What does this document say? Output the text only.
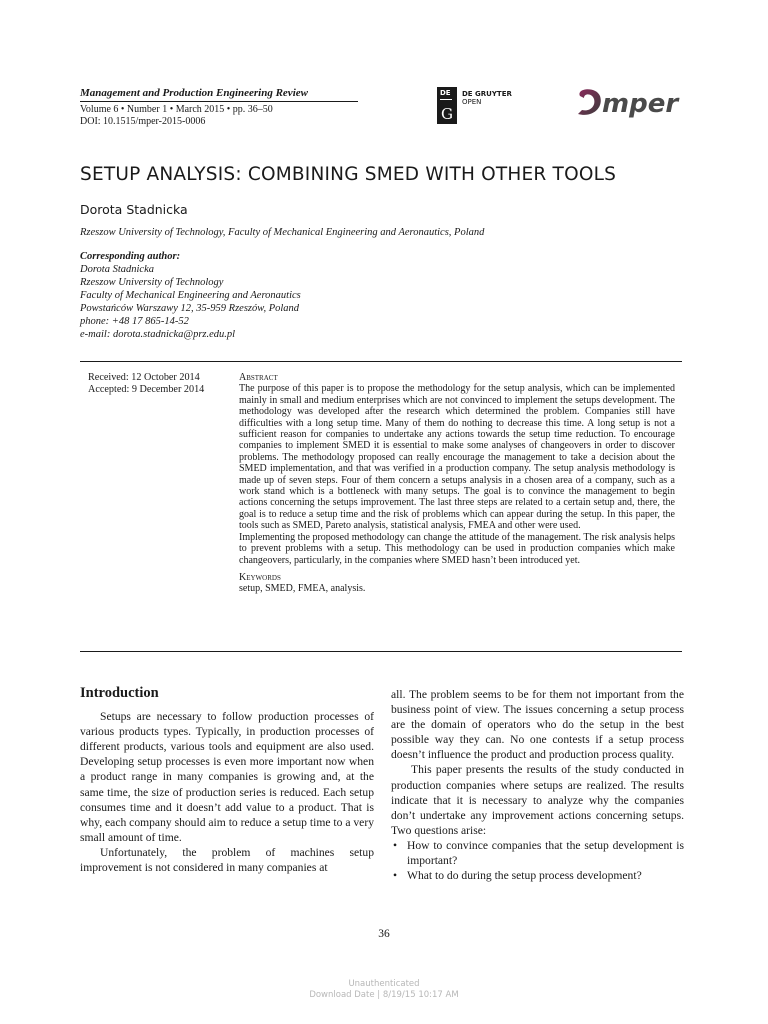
Management and Production Engineering Review
Volume 6 • Number 1 • March 2015 • pp. 36–50
DOI: 10.1515/mper-2015-0006
DE
G
DE GRUYTER
OPEN	mper
SETUP ANALYSIS: COMBINING SMED WITH OTHER TOOLS
Dorota Stadnicka
Rzeszow University of Technology, Faculty of Mechanical Engineering and Aeronautics, Poland
Corresponding author:
Dorota Stadnicka
Rzeszow University of Technology
Faculty of Mechanical Engineering and Aeronautics
Powstańców Warszawy 12, 35-959 Rzeszów, Poland
phone: +48 17 865-14-52
e-mail: dorota.stadnicka@prz.edu.pl
Received: 12 October 2014
Accepted: 9 December 2014
Abstract
The purpose of this paper is to propose the methodology for the setup analysis, which can be implemented mainly in small and medium enterprises which are not convinced to implement the setups development. The methodology was developed after the research which determined the problem. Companies still have difficulties with a long setup time. Many of them do nothing to decrease this time. A long setup is not a sufficient reason for companies to undertake any actions towards the setup time reduction. To encourage companies to implement SMED it is essential to make some analyses of changeovers in order to discover problems. The methodology proposed can really encourage the management to take a decision about the SMED implementation, and that was verified in a production company. The setup analysis methodology is made up of seven steps. Four of them concern a setups analysis in a chosen area of a company, such as a work stand which is a bottleneck with many setups. The goal is to convince the management to begin actions concerning the setups improvement. The last three steps are related to a certain setup and, there, the goal is to reduce a setup time and the risk of problems which can appear during the setup. In this paper, the tools such as SMED, Pareto analysis, statistical analysis, FMEA and other were used.
Implementing the proposed methodology can change the attitude of the management. The risk analysis helps to prevent problems with a setup. This methodology can be used in production companies which make changeovers, particularly, in the companies where SMED hasn’t been introduced yet.
Keywords
setup, SMED, FMEA, analysis.

Introduction

Setups are necessary to follow production processes of various products types. Typically, in production processes of different products, various tools and equipment are also used. Developing setup processes is even more important now when a product range in many companies is growing and, at the same time, the size of production series is reduced. Each setup consumes time and it doesn’t add value to a product. That is why, each company should aim to reduce a setup time to a very small amount of time.

Unfortunately, the problem of machines setup improvement is not considered in many companies at

all. The problem seems to be for them not important from the business point of view. The issues concerning a setup process are the domain of operators who do the setup in the best possible way they can. No one contests if a setup process doesn’t influence the product and production process quality.

This paper presents the results of the study conducted in production companies where setups are realized. The results indicate that it is necessary to analyze why the companies don’t undertake any improvement actions concerning setups. Two questions arise:

• How to convince companies that the setup development is important?
• What to do during the setup process development?
36
Unauthenticated
Download Date | 8/19/15 10:17 AM
